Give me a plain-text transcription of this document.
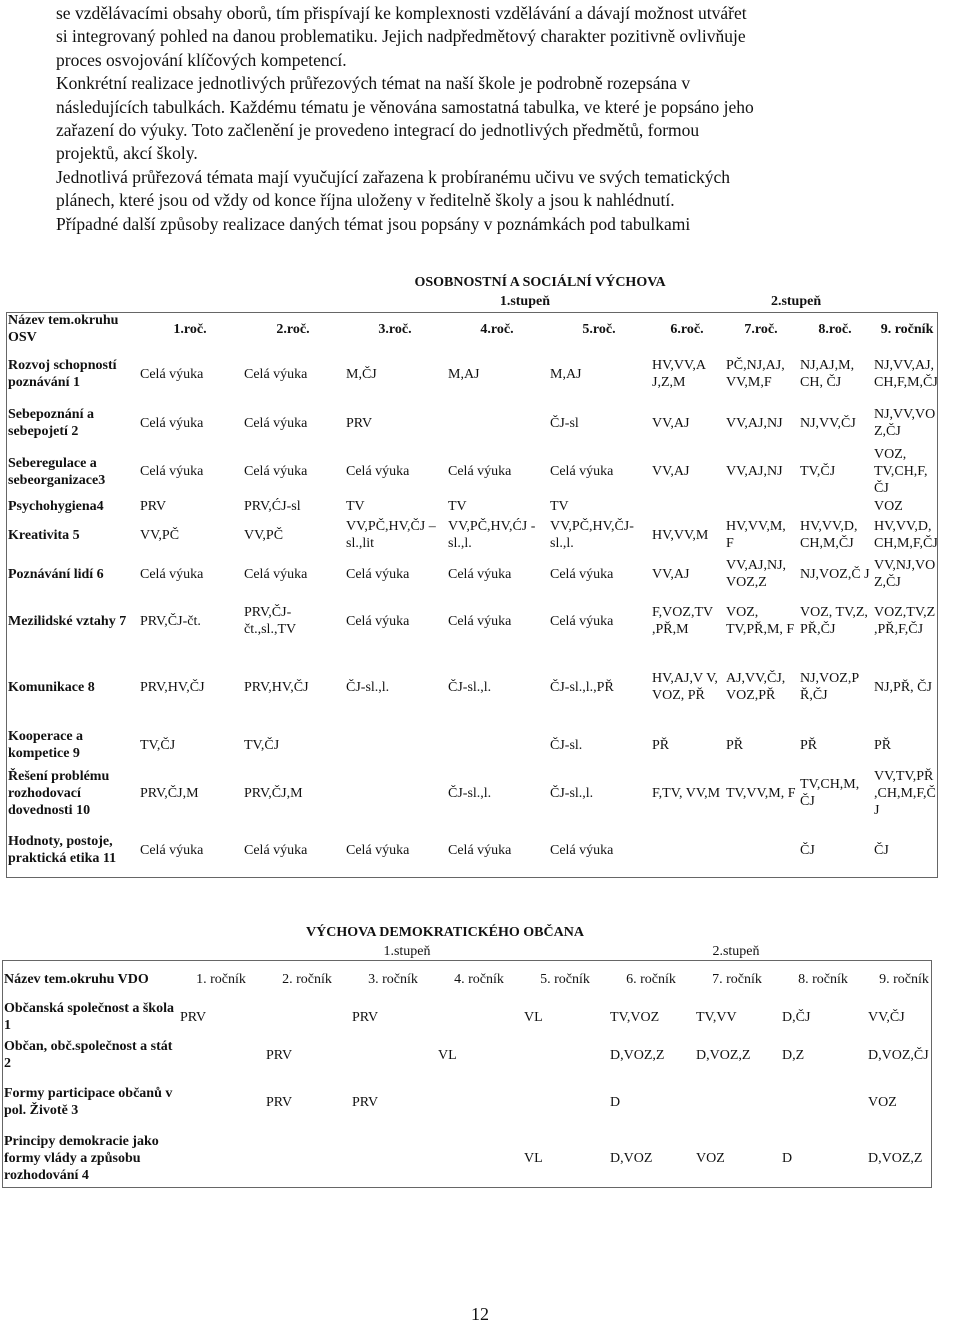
se vzdělávacími obsahy oborů, tím přispívají ke komplexnosti vzdělávání a dávají možnost utvářet

si integrovaný pohled na danou problematiku. Jejich nadpředmětový charakter pozitivně ovlivňuje

proces osvojování klíčových kompetencí.

Konkrétní realizace jednotlivých průřezových témat na naší škole je podrobně rozepsána v

následujících tabulkách. Každému tématu je věnována samostatná tabulka, ve které je popsáno jeho

zařazení do výuky. Toto začlenění je provedeno integrací do jednotlivých předmětů, formou

projektů, akcí školy.

Jednotlivá průřezová témata mají vyučující zařazena k probíranému učivu ve svých tematických

plánech, které jsou od vždy od konce října uloženy v ředitelně školy a jsou k nahlédnutí.

Případné další způsoby realizace daných témat jsou popsány v poznámkách pod tabulkami

	OSOBNOSTNÍ A SOCIÁLNÍ VÝCHOVA								
	1.stupeň					2.stupeň			
Název tem.okruhu OSV	1.roč.	2.roč.	3.roč.	4.roč.	5.roč.	6.roč.	7.roč.	8.roč.	9. ročník
Rozvoj schopností poznávání 1	Celá výuka	Celá výuka	M,ČJ	M,AJ	M,AJ	HV,VV,A J,Z,M	PČ,NJ,AJ, VV,M,F	NJ,AJ,M, CH, ČJ	NJ,VV,AJ, CH,F,M,ČJ
Sebepoznání a sebepojetí 2	Celá výuka	Celá výuka	PRV		ČJ-sl	VV,AJ	VV,AJ,NJ	NJ,VV,ČJ	NJ,VV,VO Z,ČJ
Seberegulace a sebeorganizace3	Celá výuka	Celá výuka	Celá výuka	Celá výuka	Celá výuka	VV,AJ	VV,AJ,NJ	TV,ČJ	VOZ, TV,CH,F, ČJ
Psychohygiena4	PRV	PRV,ĆJ-sl	TV	TV	TV				VOZ
Kreativita 5	VV,PČ	VV,PČ	VV,PČ,HV,ČJ – sl.,lit	VV,PČ,HV,ĆJ -sl.,l.	VV,PČ,HV,ČJ-sl.,l.	HV,VV,M	HV,VV,M, F	HV,VV,D, CH,M,ČJ	HV,VV,D, CH,M,F,ČJ
Poznávání lidí 6	Celá výuka	Celá výuka	Celá výuka	Celá výuka	Celá výuka	VV,AJ	VV,AJ,NJ, VOZ,Z	NJ,VOZ,Č J	VV,NJ,VO Z,ČJ
Mezilidské vztahy 7	PRV,ČJ-čt.	PRV,ČJ-čt.,sl.,TV	Celá výuka	Celá výuka	Celá výuka	F,VOZ,TV ,PŘ,M	VOZ, TV,PŘ,M, F	VOZ, TV,Z, PŘ,ČJ	VOZ,TV,Z ,PŘ,F,ČJ
Komunikace 8	PRV,HV,ČJ	PRV,HV,ČJ	ČJ-sl.,l.	ČJ-sl.,l.	ČJ-sl.,l.,PŘ	HV,AJ,V V, VOZ, PŘ	AJ,VV,ČJ, VOZ,PŘ	NJ,VOZ,P Ř,ČJ	NJ,PŘ, ČJ
Kooperace a kompetice 9	TV,ČJ	TV,ČJ			ČJ-sl.	PŘ	PŘ	PŘ	PŘ
Řešení problému rozhodovací dovednosti 10	PRV,ČJ,M	PRV,ČJ,M		ČJ-sl.,l.	ČJ-sl.,l.	F,TV, VV,M	TV,VV,M, F	TV,CH,M, ČJ	VV,TV,PŘ ,CH,M,F,Č J
Hodnoty, postoje, praktická etika 11	Celá výuka	Celá výuka	Celá výuka	Celá výuka	Celá výuka			ČJ	ČJ
	VÝCHOVA DEMOKRATICKÉHO OBČANA								
	1.stupeň					2.stupeň			
Název tem.okruhu VDO	1. ročník	2. ročník	3. ročník	4. ročník	5. ročník	6. ročník	7. ročník	8. ročník	9. ročník
Občanská společnost a škola 1	PRV		PRV		VL	TV,VOZ	TV,VV	D,ČJ	VV,ČJ
Občan, obč.společnost a stát 2		PRV		VL		D,VOZ,Z	D,VOZ,Z	D,Z	D,VOZ,ČJ
Formy participace občanů v pol. Životě 3		PRV	PRV			D			VOZ
Principy demokracie jako formy vlády a způsobu rozhodování 4					VL	D,VOZ	VOZ	D	D,VOZ,Z
12
